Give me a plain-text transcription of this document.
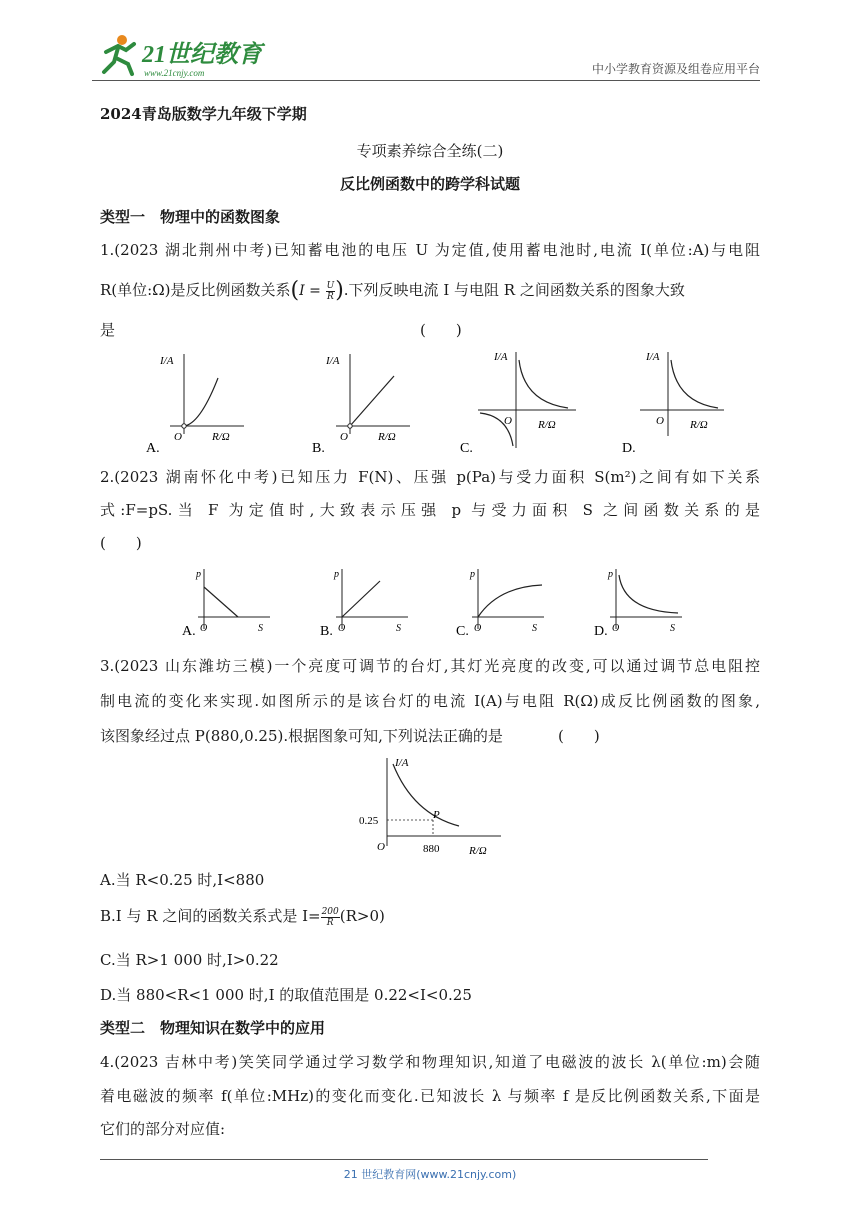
21世纪教育
www.21cnjy.com	中小学教育资源及组卷应用平台
2024青岛版数学九年级下学期
专项素养综合全练(二)
反比例函数中的跨学科试题
类型一　物理中的函数图象
1.(2023 湖北荆州中考)已知蓄电池的电压 U 为定值,使用蓄电池时,电流 I(单位:A)与电阻
R(单位:Ω)是反比例函数关系($I = \frac{U}{R}$ ).下列反映电流 I 与电阻 R 之间函数关系的图象大致
是	(　　)
I/A
O	R/Ω
A.
I/A
O	R/Ω
B.
I/A
O R/Ω
C.
I/A
O R/Ω
D.
2.(2023 湖南怀化中考)已知压力 F(N)、压强 p(Pa)与受力面积 S(m²)之间有如下关系
式:F=pS.当 F 为定值时,大致表示压强 p 与受力面积 S 之间函数关系的是
(　　)
p
O	S
A.
p
O	S
B.
p
O	S
C.
p
O	S
D.
3.(2023 山东潍坊三模)一个亮度可调节的台灯,其灯光亮度的改变,可以通过调节总电阻控
制电流的变化来实现.如图所示的是该台灯的电流 I(A)与电阻 R(Ω)成反比例函数的图象,
该图象经过点 P(880,0.25).根据图象可知,下列说法正确的是	(　　)
I/A
P
0.25
O	880	R/Ω
A.当 R<0.25 时,I<880
B.I 与 R 之间的函数关系式是 $I= \frac{200}{R} (R>0)$
C.当 R>1 000 时,I>0.22
D.当 880<R<1 000 时,I 的取值范围是 0.22<I<0.25
类型二　物理知识在数学中的应用
4.(2023 吉林中考)笑笑同学通过学习数学和物理知识,知道了电磁波的波长 λ(单位:m)会随
着电磁波的频率 f(单位:MHz)的变化而变化.已知波长 λ 与频率 f 是反比例函数关系,下面是
它们的部分对应值:
21 世纪教育网(www.21cnjy.com)
